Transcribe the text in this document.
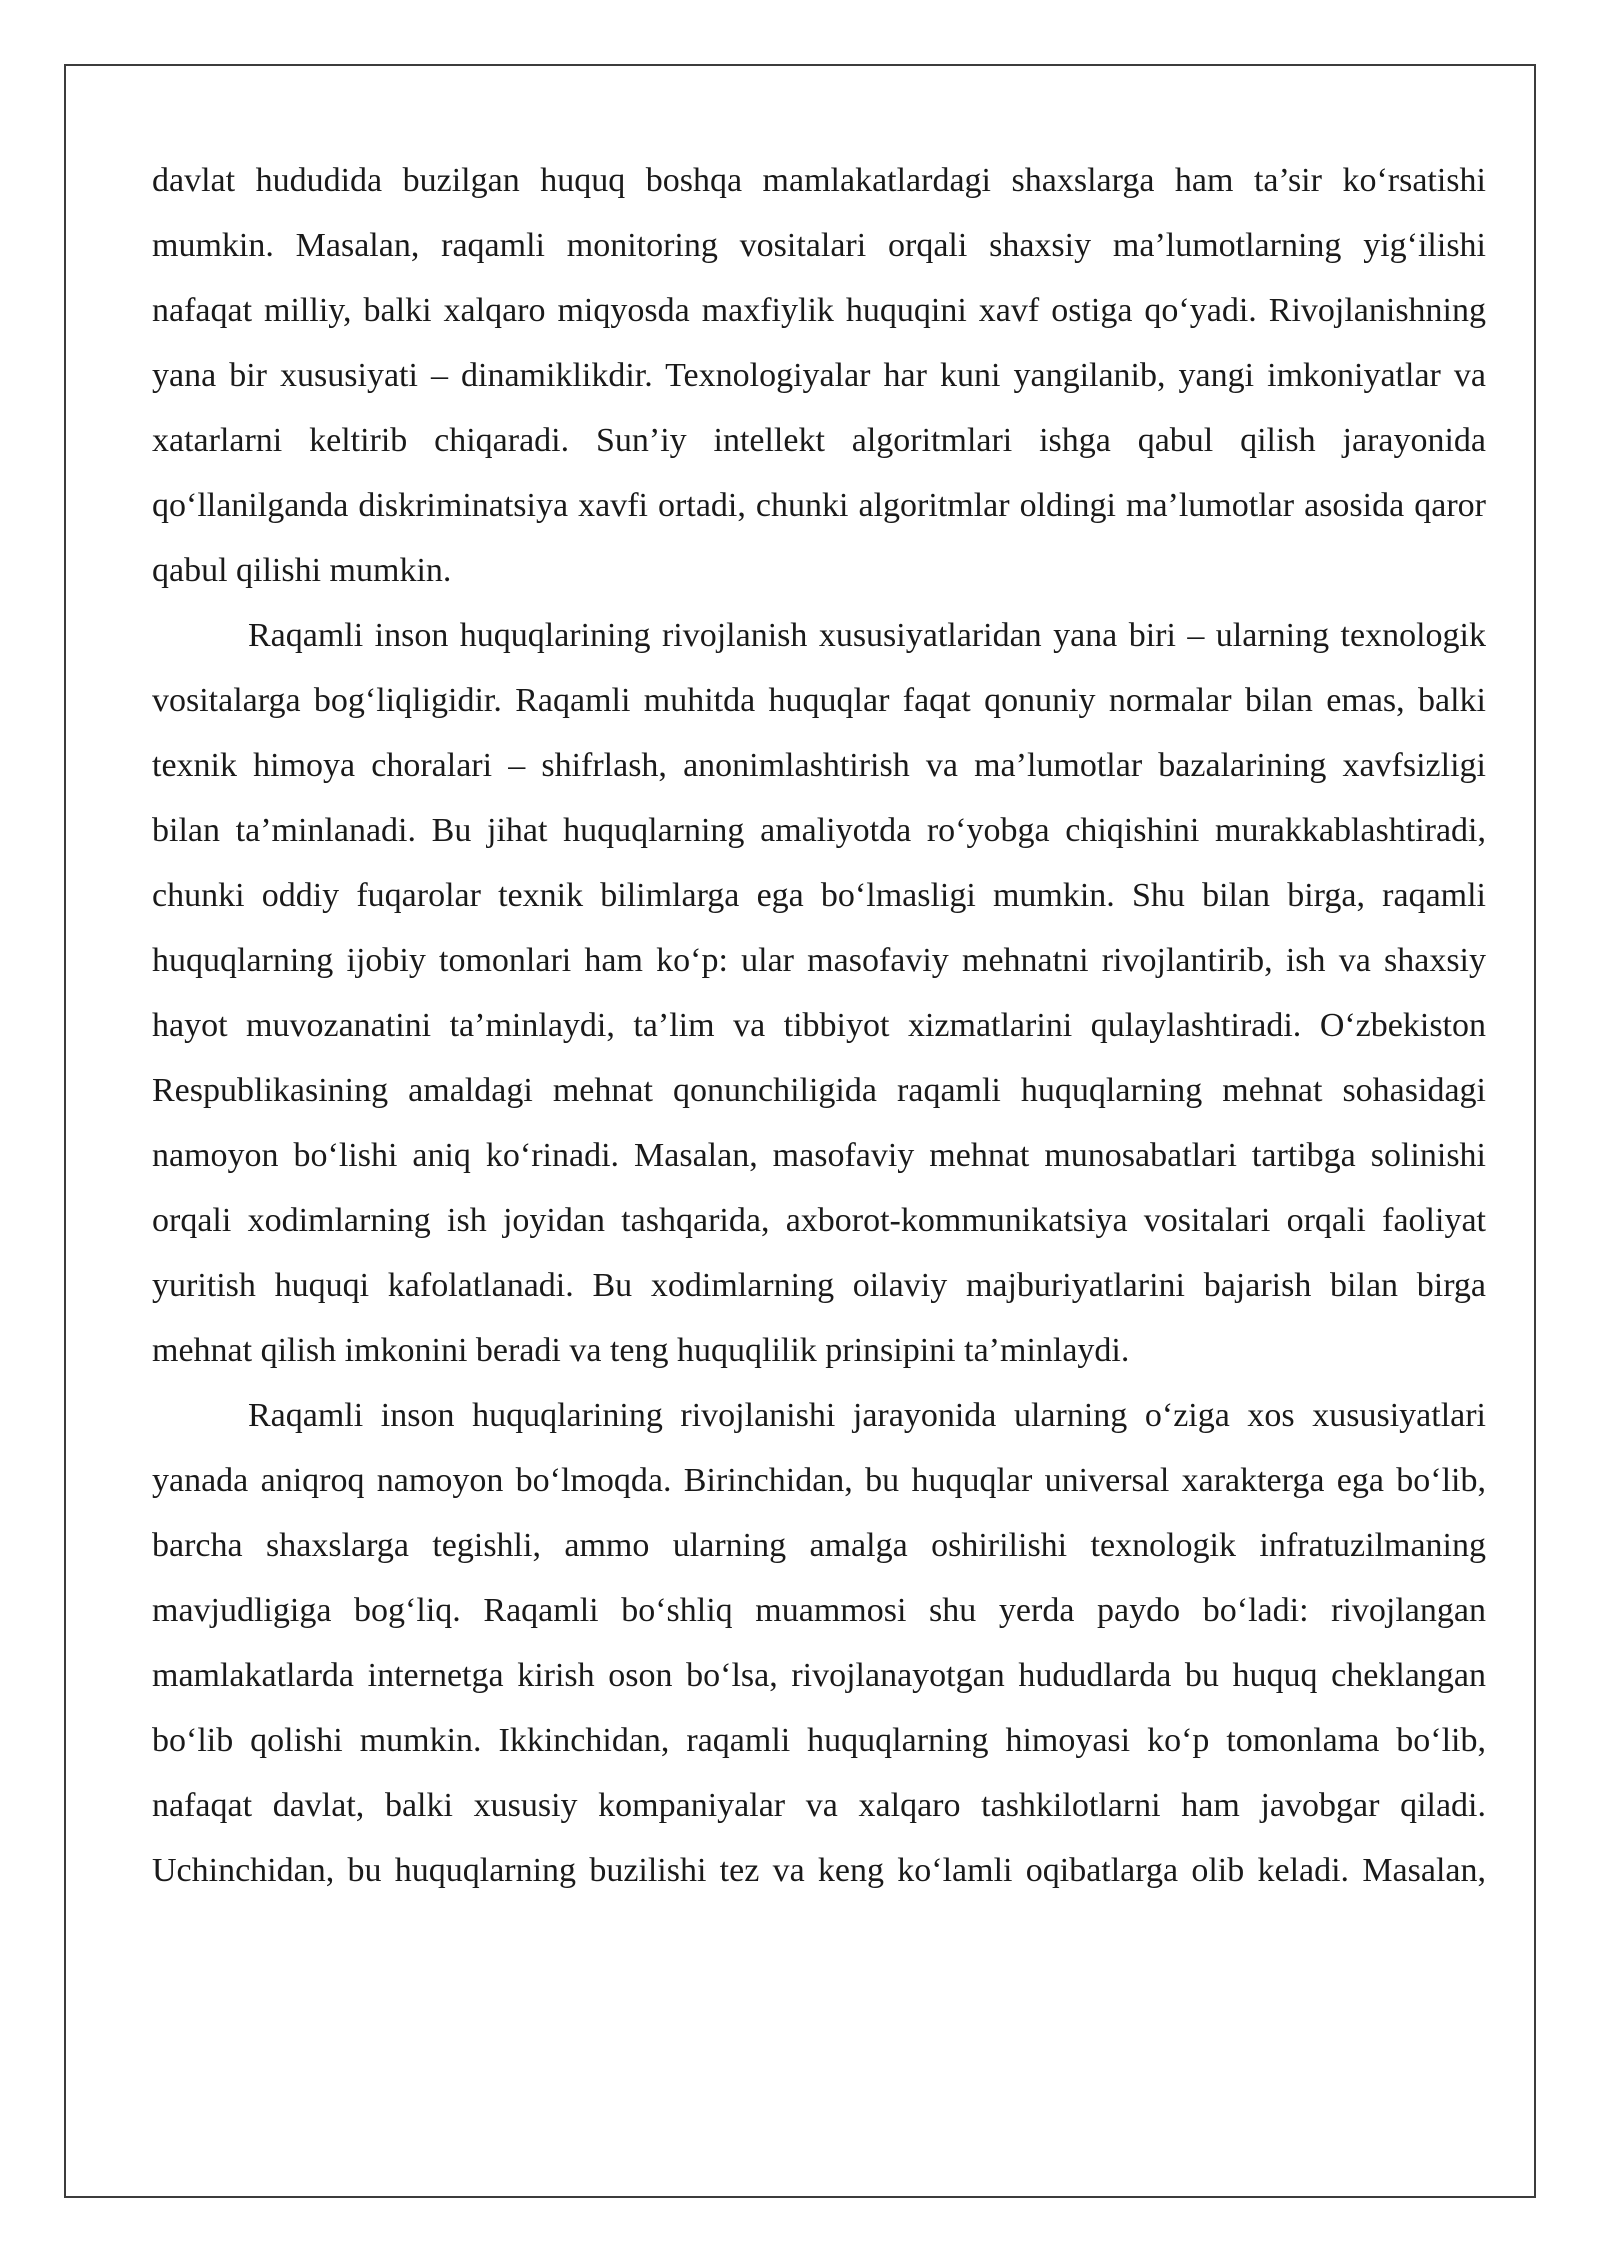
davlat hududida buzilgan huquq boshqa mamlakatlardagi shaxslarga ham ta’sir ko‘rsatishi mumkin. Masalan, raqamli monitoring vositalari orqali shaxsiy ma’lumotlarning yig‘ilishi nafaqat milliy, balki xalqaro miqyosda maxfiylik huquqini xavf ostiga qo‘yadi. Rivojlanishning yana bir xususiyati – dinamiklikdir. Texnologiyalar har kuni yangilanib, yangi imkoniyatlar va xatarlarni keltirib chiqaradi. Sun’iy intellekt algoritmlari ishga qabul qilish jarayonida qo‘llanilganda diskriminatsiya xavfi ortadi, chunki algoritmlar oldingi ma’lumotlar asosida qaror qabul qilishi mumkin.

Raqamli inson huquqlarining rivojlanish xususiyatlaridan yana biri – ularning texnologik vositalarga bog‘liqligidir. Raqamli muhitda huquqlar faqat qonuniy normalar bilan emas, balki texnik himoya choralari – shifrlash, anonimlashtirish va ma’lumotlar bazalarining xavfsizligi bilan ta’minlanadi. Bu jihat huquqlarning amaliyotda ro‘yobga chiqishini murakkablashtiradi, chunki oddiy fuqarolar texnik bilimlarga ega bo‘lmasligi mumkin. Shu bilan birga, raqamli huquqlarning ijobiy tomonlari ham ko‘p: ular masofaviy mehnatni rivojlantirib, ish va shaxsiy hayot muvozanatini ta’minlaydi, ta’lim va tibbiyot xizmatlarini qulaylashtiradi. O‘zbekiston Respublikasining amaldagi mehnat qonunchiligida raqamli huquqlarning mehnat sohasidagi namoyon bo‘lishi aniq ko‘rinadi. Masalan, masofaviy mehnat munosabatlari tartibga solinishi orqali xodimlarning ish joyidan tashqarida, axborot-kommunikatsiya vositalari orqali faoliyat yuritish huquqi kafolatlanadi. Bu xodimlarning oilaviy majburiyatlarini bajarish bilan birga mehnat qilish imkonini beradi va teng huquqlilik prinsipini ta’minlaydi.

Raqamli inson huquqlarining rivojlanishi jarayonida ularning o‘ziga xos xususiyatlari yanada aniqroq namoyon bo‘lmoqda. Birinchidan, bu huquqlar universal xarakterga ega bo‘lib, barcha shaxslarga tegishli, ammo ularning amalga oshirilishi texnologik infratuzilmaning mavjudligiga bog‘liq. Raqamli bo‘shliq muammosi shu yerda paydo bo‘ladi: rivojlangan mamlakatlarda internetga kirish oson bo‘lsa, rivojlanayotgan hududlarda bu huquq cheklangan bo‘lib qolishi mumkin. Ikkinchidan, raqamli huquqlarning himoyasi ko‘p tomonlama bo‘lib, nafaqat davlat, balki xususiy kompaniyalar va xalqaro tashkilotlarni ham javobgar qiladi. Uchinchidan, bu huquqlarning buzilishi tez va keng ko‘lamli oqibatlarga olib keladi. Masalan,
